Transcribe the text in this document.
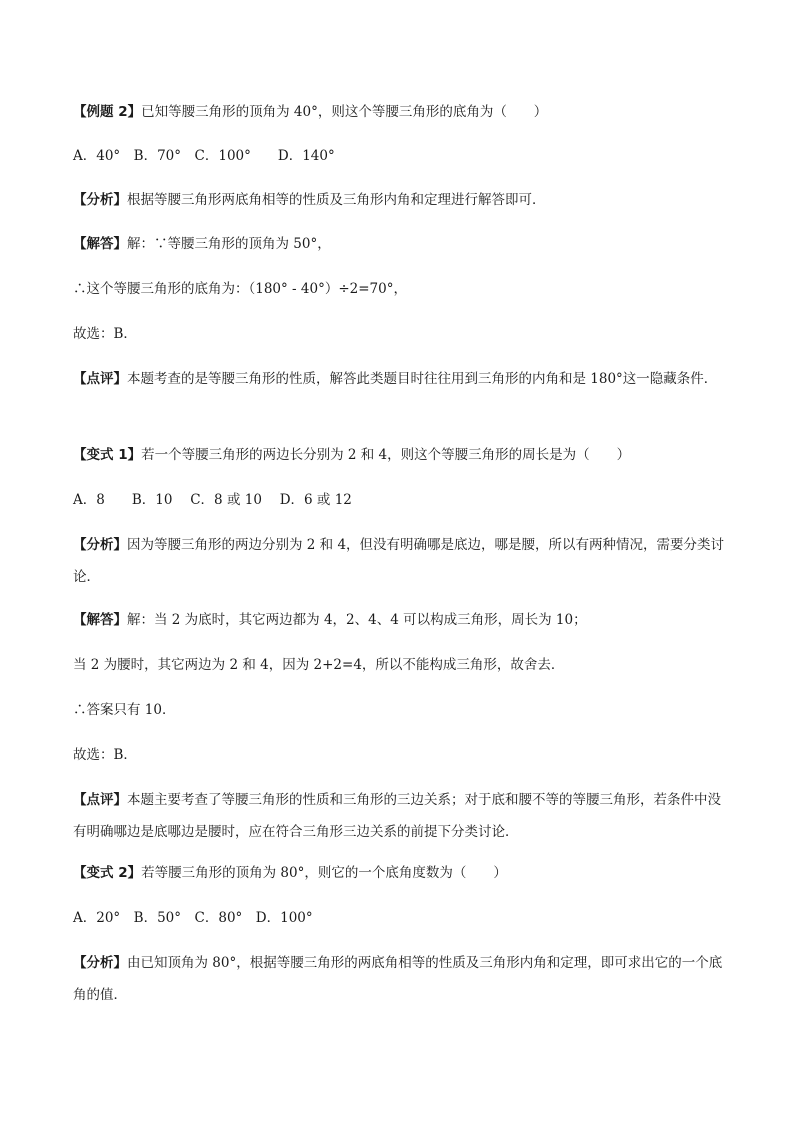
【例题 2】已知等腰三角形的顶角为 40°，则这个等腰三角形的底角为（　　）

A．40°　B．70°　C．100°　　D．140°

【分析】根据等腰三角形两底角相等的性质及三角形内角和定理进行解答即可．

【解答】解：∵等腰三角形的顶角为 50°，

∴这个等腰三角形的底角为：（180° - 40°）÷2=70°，

故选：B．

【点评】本题考查的是等腰三角形的性质，解答此类题目时往往用到三角形的内角和是 180°这一隐藏条件．

【变式 1】若一个等腰三角形的两边长分别为 2 和 4，则这个等腰三角形的周长是为（　　）

A．8　　B．10　 C．8 或 10　 D．6 或 12

【分析】因为等腰三角形的两边分别为 2 和 4，但没有明确哪是底边，哪是腰，所以有两种情况，需要分类讨论．

【解答】解：当 2 为底时，其它两边都为 4，2、4、4 可以构成三角形，周长为 10；

当 2 为腰时，其它两边为 2 和 4，因为 2+2=4，所以不能构成三角形，故舍去．

∴答案只有 10．

故选：B．

【点评】本题主要考查了等腰三角形的性质和三角形的三边关系；对于底和腰不等的等腰三角形，若条件中没有明确哪边是底哪边是腰时，应在符合三角形三边关系的前提下分类讨论．

【变式 2】若等腰三角形的顶角为 80°，则它的一个底角度数为（　　）

A．20°　B．50°　C．80°　D．100°

【分析】由已知顶角为 80°，根据等腰三角形的两底角相等的性质及三角形内角和定理，即可求出它的一个底角的值．
